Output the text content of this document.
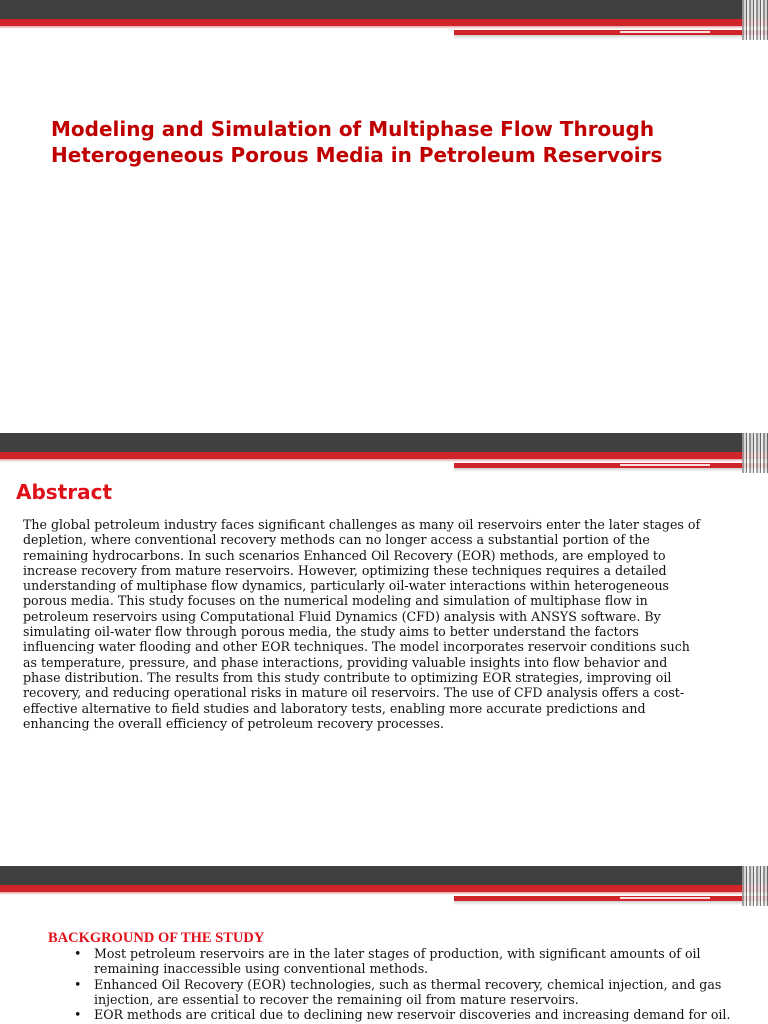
Modeling and Simulation of Multiphase Flow Through Heterogeneous Porous Media in Petroleum Reservoirs
Abstract

The global petroleum industry faces significant challenges as many oil reservoirs enter the later stages of depletion, where conventional recovery methods can no longer access a substantial portion of the remaining hydrocarbons. In such scenarios Enhanced Oil Recovery (EOR) methods, are employed to increase recovery from mature reservoirs. However, optimizing these techniques requires a detailed understanding of multiphase flow dynamics, particularly oil-water interactions within heterogeneous porous media. This study focuses on the numerical modeling and simulation of multiphase flow in petroleum reservoirs using Computational Fluid Dynamics (CFD) analysis with ANSYS software. By simulating oil-water flow through porous media, the study aims to better understand the factors influencing water flooding and other EOR techniques. The model incorporates reservoir conditions such as temperature, pressure, and phase interactions, providing valuable insights into flow behavior and phase distribution. The results from this study contribute to optimizing EOR strategies, improving oil recovery, and reducing operational risks in mature oil reservoirs. The use of CFD analysis offers a cost-effective alternative to field studies and laboratory tests, enabling more accurate predictions and enhancing the overall efficiency of petroleum recovery processes.

BACKGROUND OF THE STUDY
• Most petroleum reservoirs are in the later stages of production, with significant amounts of oil remaining inaccessible using conventional methods.
• Enhanced Oil Recovery (EOR) technologies, such as thermal recovery, chemical injection, and gas injection, are essential to recover the remaining oil from mature reservoirs.
• EOR methods are critical due to declining new reservoir discoveries and increasing demand for oil.
